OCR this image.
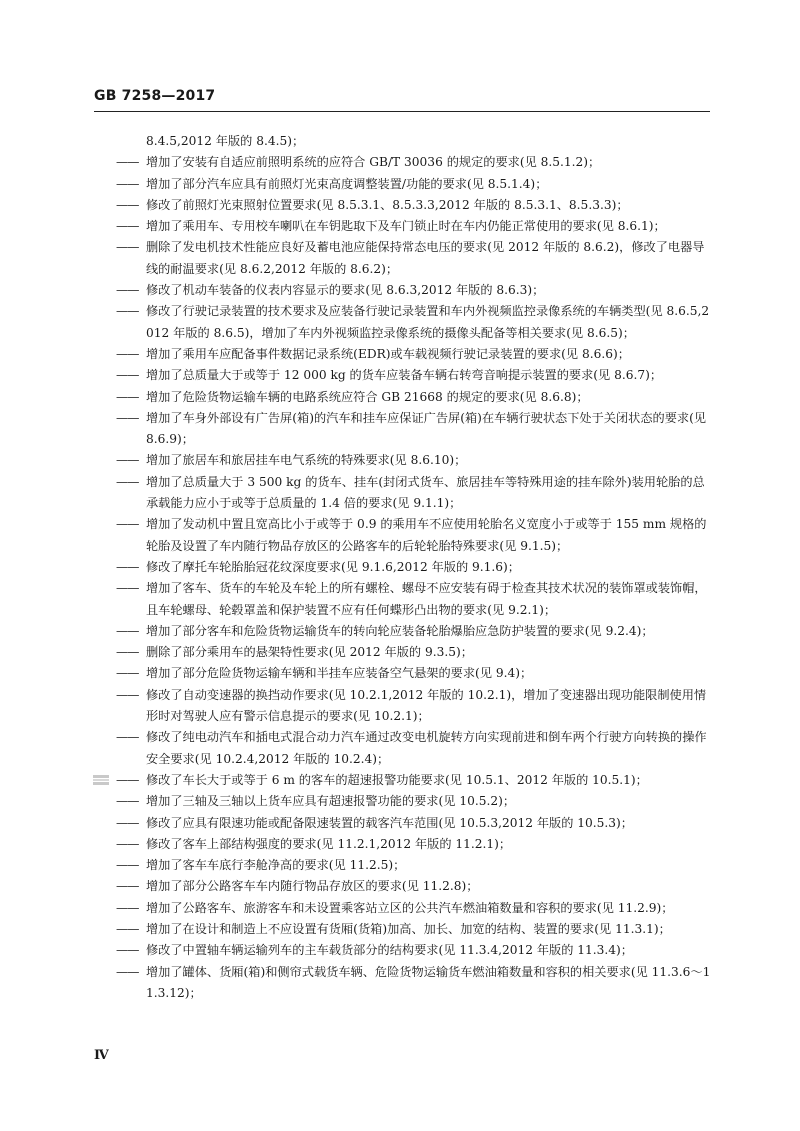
GB 7258—2017
8.4.5,2012 年版的 8.4.5)；
—— 增加了安装有自适应前照明系统的应符合 GB/T 30036 的规定的要求(见 8.5.1.2)；
—— 增加了部分汽车应具有前照灯光束高度调整装置/功能的要求(见 8.5.1.4)；
—— 修改了前照灯光束照射位置要求(见 8.5.3.1、8.5.3.3,2012 年版的 8.5.3.1、8.5.3.3)；
—— 增加了乘用车、专用校车喇叭在车钥匙取下及车门锁止时在车内仍能正常使用的要求(见 8.6.1)；
—— 删除了发电机技术性能应良好及蓄电池应能保持常态电压的要求(见 2012 年版的 8.6.2)，修改了电器导线的耐温要求(见 8.6.2,2012 年版的 8.6.2)；
—— 修改了机动车装备的仪表内容显示的要求(见 8.6.3,2012 年版的 8.6.3)；
—— 修改了行驶记录装置的技术要求及应装备行驶记录装置和车内外视频监控录像系统的车辆类型(见 8.6.5,2012 年版的 8.6.5)，增加了车内外视频监控录像系统的摄像头配备等相关要求(见 8.6.5)；
—— 增加了乘用车应配备事件数据记录系统(EDR)或车载视频行驶记录装置的要求(见 8.6.6)；
—— 增加了总质量大于或等于 12 000 kg 的货车应装备车辆右转弯音响提示装置的要求(见 8.6.7)；
—— 增加了危险货物运输车辆的电路系统应符合 GB 21668 的规定的要求(见 8.6.8)；
—— 增加了车身外部设有广告屏(箱)的汽车和挂车应保证广告屏(箱)在车辆行驶状态下处于关闭状态的要求(见 8.6.9)；
—— 增加了旅居车和旅居挂车电气系统的特殊要求(见 8.6.10)；
—— 增加了总质量大于 3 500 kg 的货车、挂车(封闭式货车、旅居挂车等特殊用途的挂车除外)装用轮胎的总承载能力应小于或等于总质量的 1.4 倍的要求(见 9.1.1)；
—— 增加了发动机中置且宽高比小于或等于 0.9 的乘用车不应使用轮胎名义宽度小于或等于 155 mm 规格的轮胎及设置了车内随行物品存放区的公路客车的后轮轮胎特殊要求(见 9.1.5)；
—— 修改了摩托车轮胎胎冠花纹深度要求(见 9.1.6,2012 年版的 9.1.6)；
—— 增加了客车、货车的车轮及车轮上的所有螺栓、螺母不应安装有碍于检查其技术状况的装饰罩或装饰帽，且车轮螺母、轮毂罩盖和保护装置不应有任何蝶形凸出物的要求(见 9.2.1)；
—— 增加了部分客车和危险货物运输货车的转向轮应装备轮胎爆胎应急防护装置的要求(见 9.2.4)；
—— 删除了部分乘用车的悬架特性要求(见 2012 年版的 9.3.5)；
—— 增加了部分危险货物运输车辆和半挂车应装备空气悬架的要求(见 9.4)；
—— 修改了自动变速器的换挡动作要求(见 10.2.1,2012 年版的 10.2.1)，增加了变速器出现功能限制使用情形时对驾驶人应有警示信息提示的要求(见 10.2.1)；
—— 修改了纯电动汽车和插电式混合动力汽车通过改变电机旋转方向实现前进和倒车两个行驶方向转换的操作安全要求(见 10.2.4,2012 年版的 10.2.4)；
—— 修改了车长大于或等于 6 m 的客车的超速报警功能要求(见 10.5.1、2012 年版的 10.5.1)；
—— 增加了三轴及三轴以上货车应具有超速报警功能的要求(见 10.5.2)；
—— 修改了应具有限速功能或配备限速装置的载客汽车范围(见 10.5.3,2012 年版的 10.5.3)；
—— 修改了客车上部结构强度的要求(见 11.2.1,2012 年版的 11.2.1)；
—— 增加了客车车底行李舱净高的要求(见 11.2.5)；
—— 增加了部分公路客车车内随行物品存放区的要求(见 11.2.8)；
—— 增加了公路客车、旅游客车和未设置乘客站立区的公共汽车燃油箱数量和容积的要求(见 11.2.9)；
—— 增加了在设计和制造上不应设置有货厢(货箱)加高、加长、加宽的结构、装置的要求(见 11.3.1)；
—— 修改了中置轴车辆运输列车的主车载货部分的结构要求(见 11.3.4,2012 年版的 11.3.4)；
—— 增加了罐体、货厢(箱)和侧帘式载货车辆、危险货物运输货车燃油箱数量和容积的相关要求(见 11.3.6～11.3.12)；
Ⅳ
